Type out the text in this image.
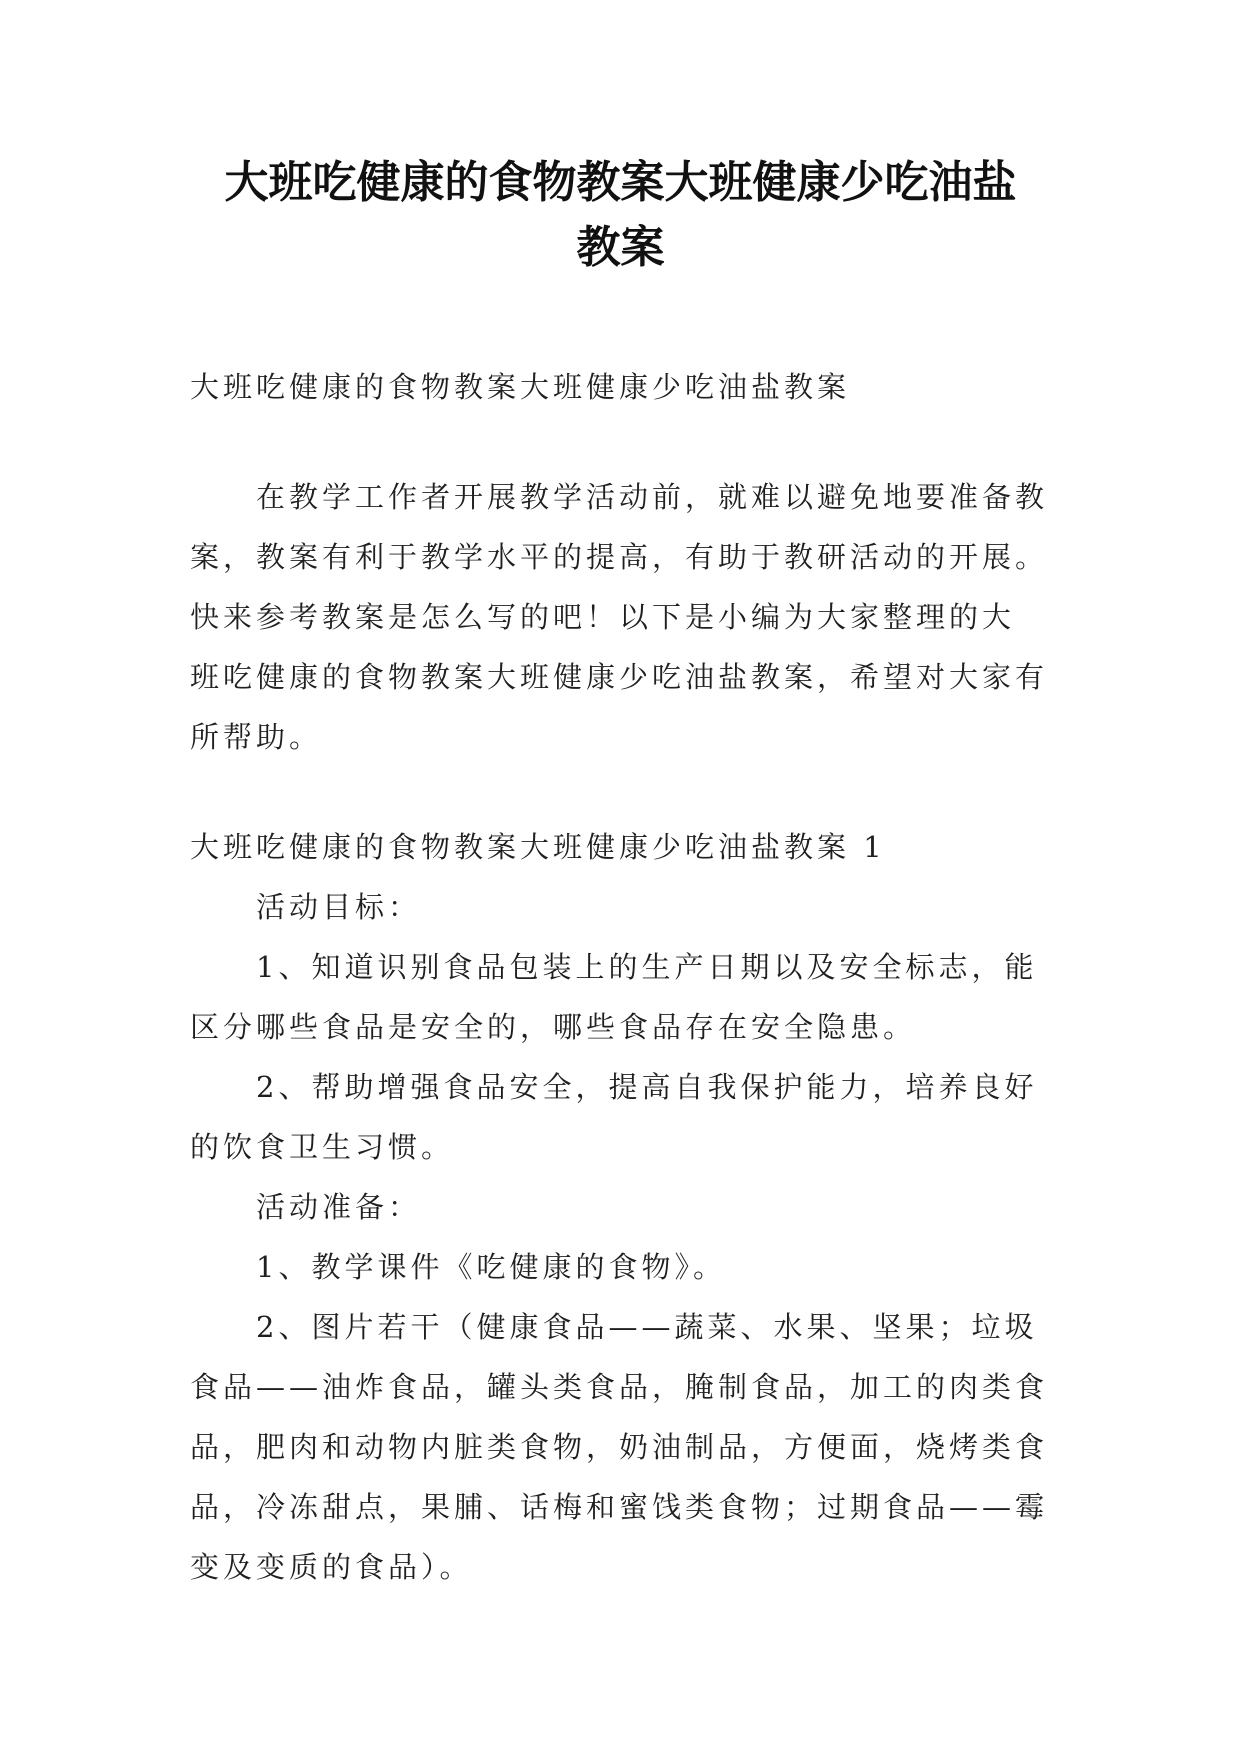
大班吃健康的食物教案大班健康少吃油盐
教案

大班吃健康的食物教案大班健康少吃油盐教案

在教学工作者开展教学活动前，就难以避免地要准备教

案，教案有利于教学水平的提高，有助于教研活动的开展。

快来参考教案是怎么写的吧！以下是小编为大家整理的大

班吃健康的食物教案大班健康少吃油盐教案，希望对大家有

所帮助。

大班吃健康的食物教案大班健康少吃油盐教案 1

活动目标：

1、知道识别食品包装上的生产日期以及安全标志，能

区分哪些食品是安全的，哪些食品存在安全隐患。

2、帮助增强食品安全，提高自我保护能力，培养良好

的饮食卫生习惯。

活动准备：

1、教学课件《吃健康的食物》。

2、图片若干（健康食品——蔬菜、水果、坚果；垃圾

食品——油炸食品，罐头类食品，腌制食品，加工的肉类食

品，肥肉和动物内脏类食物，奶油制品，方便面，烧烤类食

品，冷冻甜点，果脯、话梅和蜜饯类食物；过期食品——霉

变及变质的食品）。
